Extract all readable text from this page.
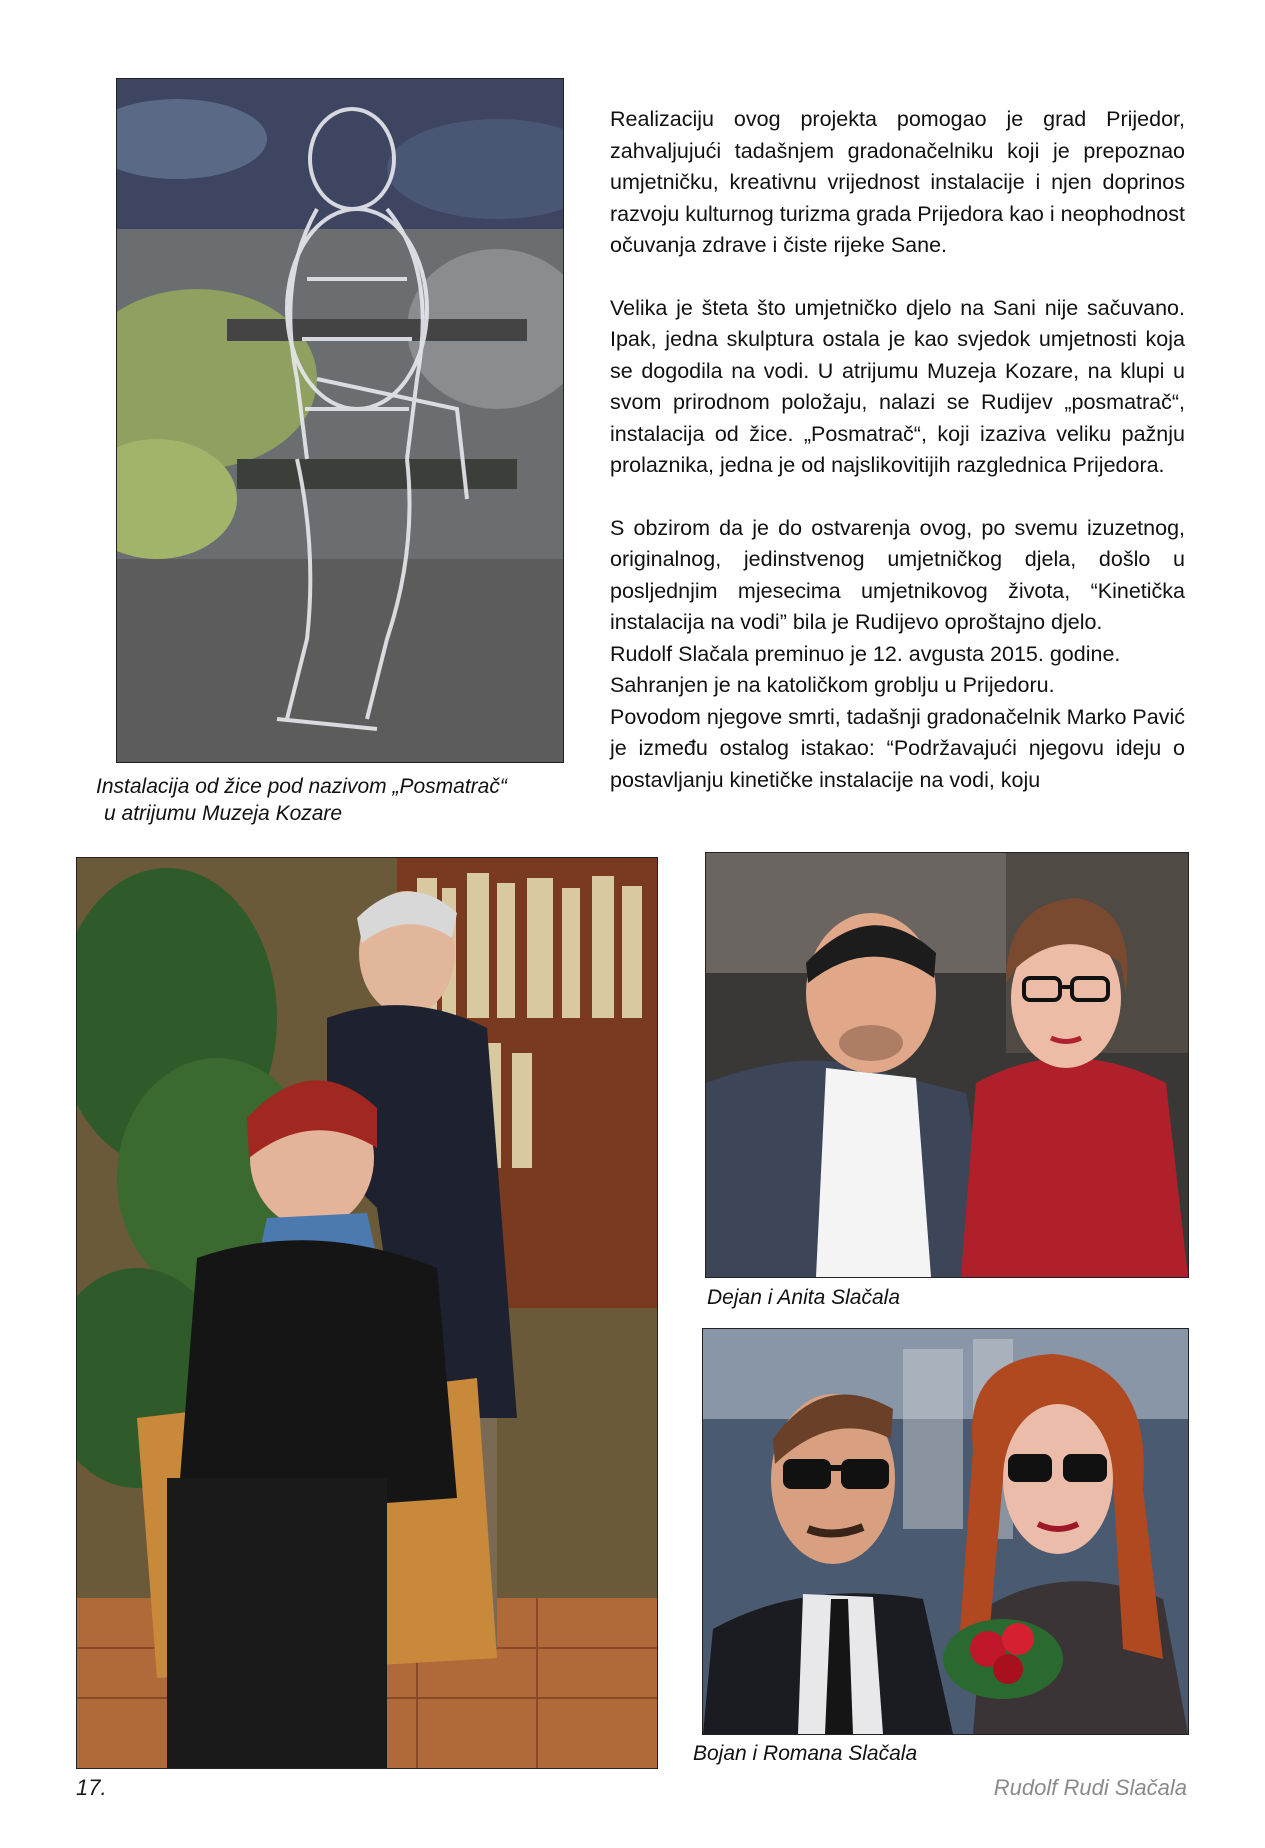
Instalacija od žice pod nazivom „Posmatrač“
u atrijumu Muzeja Kozare

Realizaciju ovog projekta pomogao je grad Prijedor, zahvaljujući tadašnjem gradonačelniku koji je prepoznao umjetničku, kreativnu vrijednost instalacije i njen doprinos razvoju kulturnog turizma grada Prijedora kao i neophodnost očuvanja zdrave i čiste rijeke Sane.

Velika je šteta što umjetničko djelo na Sani nije sačuvano. Ipak, jedna skulptura ostala je kao svjedok umjetnosti koja se dogodila na vodi. U atrijumu Muzeja Kozare, na klupi u svom prirodnom položaju, nalazi se Rudijev „posmatrač“, instalacija od žice. „Posmatrač“, koji izaziva veliku pažnju prolaznika, jedna je od najslikovitijih razglednica Prijedora.

S obzirom da je do ostvarenja ovog, po svemu izuzetnog, originalnog, jedinstvenog umjetničkog djela, došlo u posljednjim mjesecima umjetnikovog života, “Kinetička instalacija na vodi” bila je Rudijevo oproštajno djelo.

Rudolf Slačala preminuo je 12. avgusta 2015. godine.

Sahranjen je na katoličkom groblju u Prijedoru.

Povodom njegove smrti, tadašnji gradonačelnik Marko Pavić je između ostalog istakao: “Podržavajući njegovu ideju o postavljanju kinetičke instalacije na vodi, koju

Dejan i Anita Slačala
Bojan i Romana Slačala
17.	Rudolf Rudi Slačala
